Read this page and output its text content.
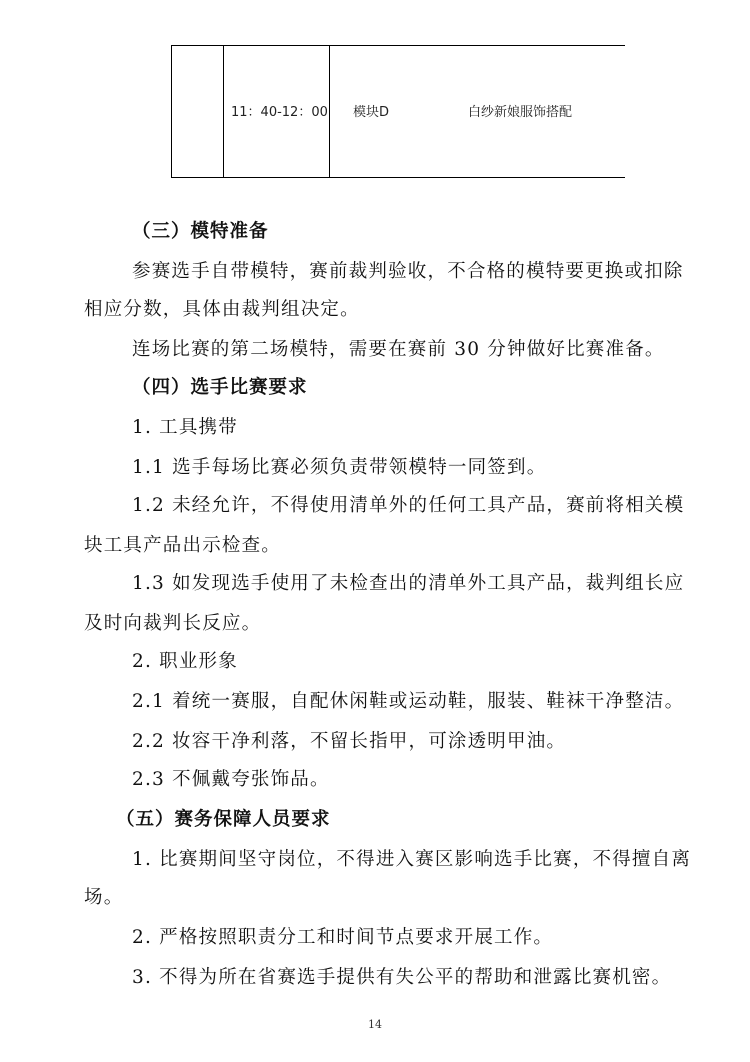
11：40-12：00 模块D	白纱新娘服饰搭配
（三）模特准备
参赛选手自带模特，赛前裁判验收，不合格的模特要更换或扣除
相应分数，具体由裁判组决定。
连场比赛的第二场模特，需要在赛前 30 分钟做好比赛准备。
（四）选手比赛要求
1. 工具携带
1.1 选手每场比赛必须负责带领模特一同签到。
1.2 未经允许，不得使用清单外的任何工具产品，赛前将相关模
块工具产品出示检查。
1.3 如发现选手使用了未检查出的清单外工具产品，裁判组长应
及时向裁判长反应。
2. 职业形象
2.1 着统一赛服，自配休闲鞋或运动鞋，服装、鞋袜干净整洁。
2.2 妆容干净利落，不留长指甲，可涂透明甲油。
2.3 不佩戴夸张饰品。
（五）赛务保障人员要求
1. 比赛期间坚守岗位，不得进入赛区影响选手比赛，不得擅自离
场。
2. 严格按照职责分工和时间节点要求开展工作。
3. 不得为所在省赛选手提供有失公平的帮助和泄露比赛机密。
14
